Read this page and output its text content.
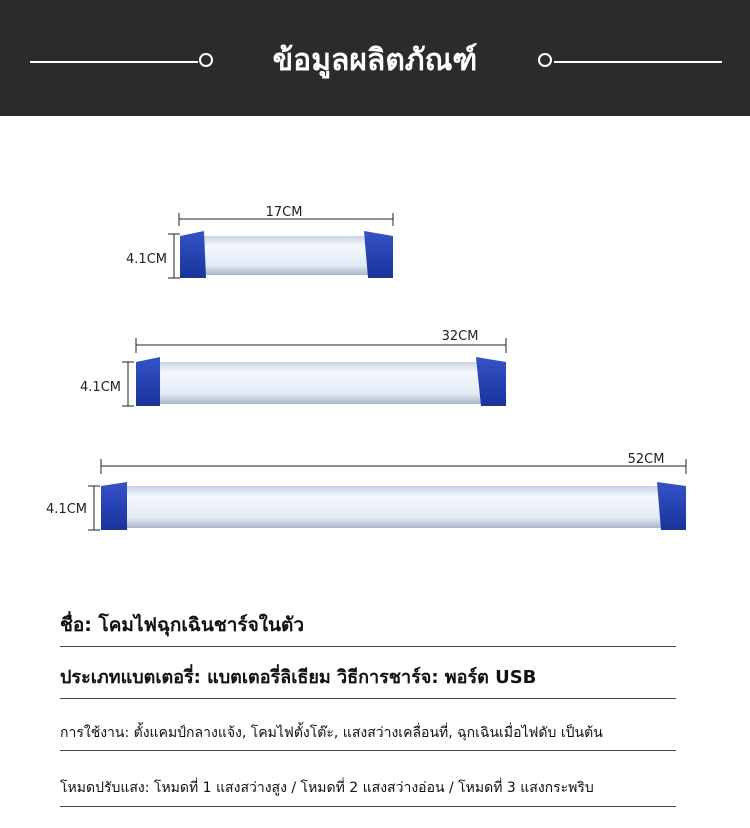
ข้อมูลผลิตภัณฑ์
17CM
4.1CM
32CM
4.1CM
52CM
4.1CM
ชื่อ: โคมไฟฉุกเฉินชาร์จในตัว
ประเภทแบตเตอรี่: แบตเตอรี่ลิเธียม วิธีการชาร์จ: พอร์ต USB
การใช้งาน: ตั้งแคมป์กลางแจ้ง, โคมไฟตั้งโต๊ะ, แสงสว่างเคลื่อนที่, ฉุกเฉินเมื่อไฟดับ เป็นต้น
โหมดปรับแสง: โหมดที่ 1 แสงสว่างสูง / โหมดที่ 2 แสงสว่างอ่อน / โหมดที่ 3 แสงกระพริบ
